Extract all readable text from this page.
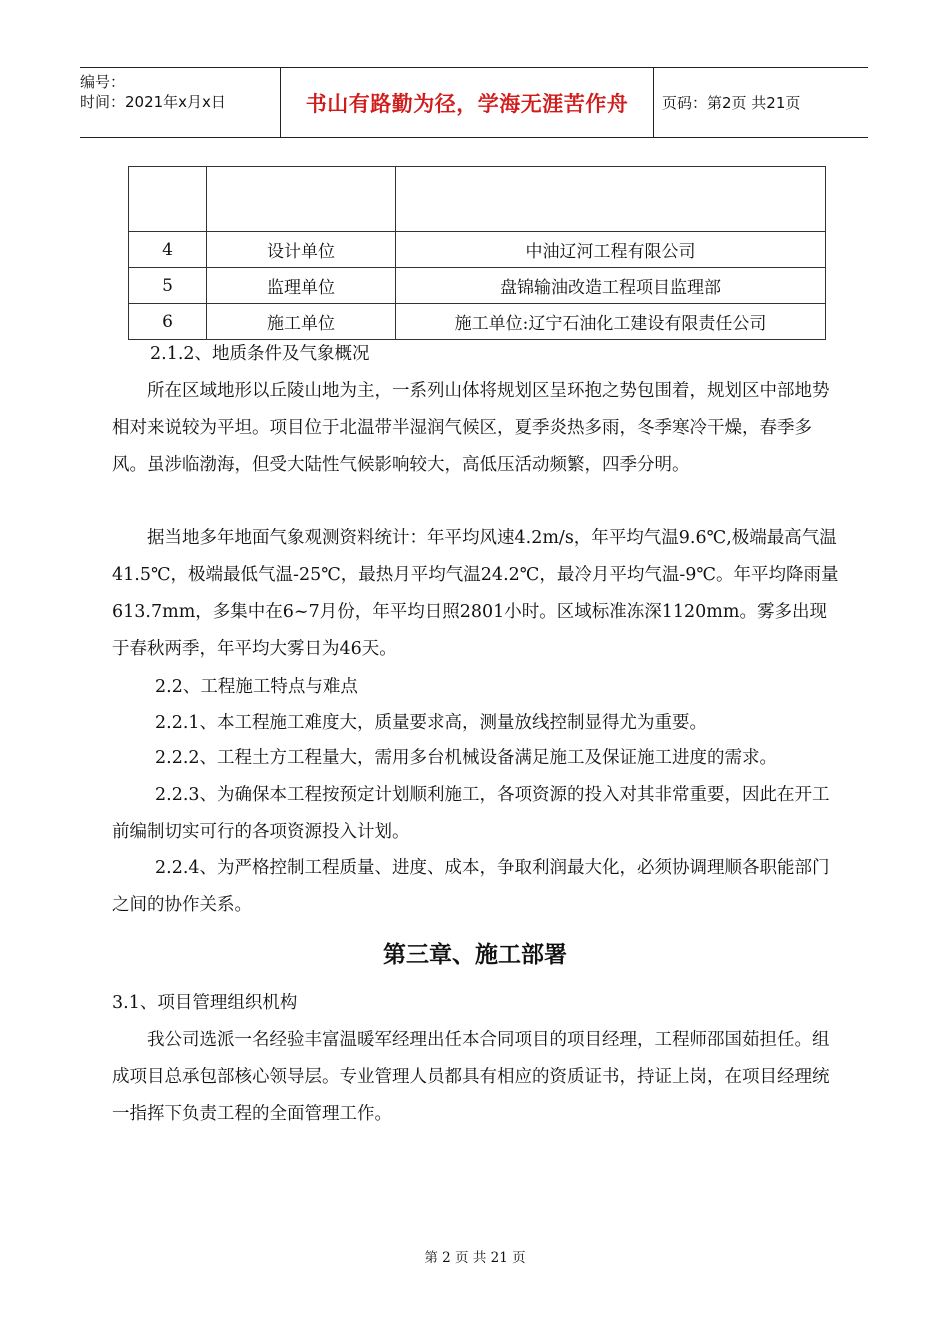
编号：
时间：2021年x月x日	书山有路勤为径，学海无涯苦作舟 页码：第2页 共21页

4	设计单位	中油辽河工程有限公司
5	监理单位	盘锦输油改造工程项目监理部
6	施工单位	施工单位:辽宁石油化工建设有限责任公司

2.1.2、地质条件及气象概况

所在区域地形以丘陵山地为主，一系列山体将规划区呈环抱之势包围着，规划区中部地势相对来说较为平坦。项目位于北温带半湿润气候区，夏季炎热多雨，冬季寒冷干燥，春季多风。虽涉临渤海，但受大陆性气候影响较大，高低压活动频繁，四季分明。

据当地多年地面气象观测资料统计：年平均风速4.2m/s，年平均气温9.6℃,极端最高气温41.5℃，极端最低气温-25℃，最热月平均气温24.2℃，最冷月平均气温-9℃。年平均降雨量613.7mm，多集中在6~7月份，年平均日照2801小时。区域标准冻深1120mm。雾多出现于春秋两季，年平均大雾日为46天。

2.2、工程施工特点与难点

2.2.1、本工程施工难度大，质量要求高，测量放线控制显得尤为重要。

2.2.2、工程土方工程量大，需用多台机械设备满足施工及保证施工进度的需求。

2.2.3、为确保本工程按预定计划顺利施工，各项资源的投入对其非常重要，因此在开工前编制切实可行的各项资源投入计划。

2.2.4、为严格控制工程质量、进度、成本，争取利润最大化，必须协调理顺各职能部门之间的协作关系。

第三章、施工部署

3.1、项目管理组织机构

我公司选派一名经验丰富温暖军经理出任本合同项目的项目经理，工程师邵国茹担任。组成项目总承包部核心领导层。专业管理人员都具有相应的资质证书，持证上岗，在项目经理统一指挥下负责工程的全面管理工作。

第 2 页 共 21 页
